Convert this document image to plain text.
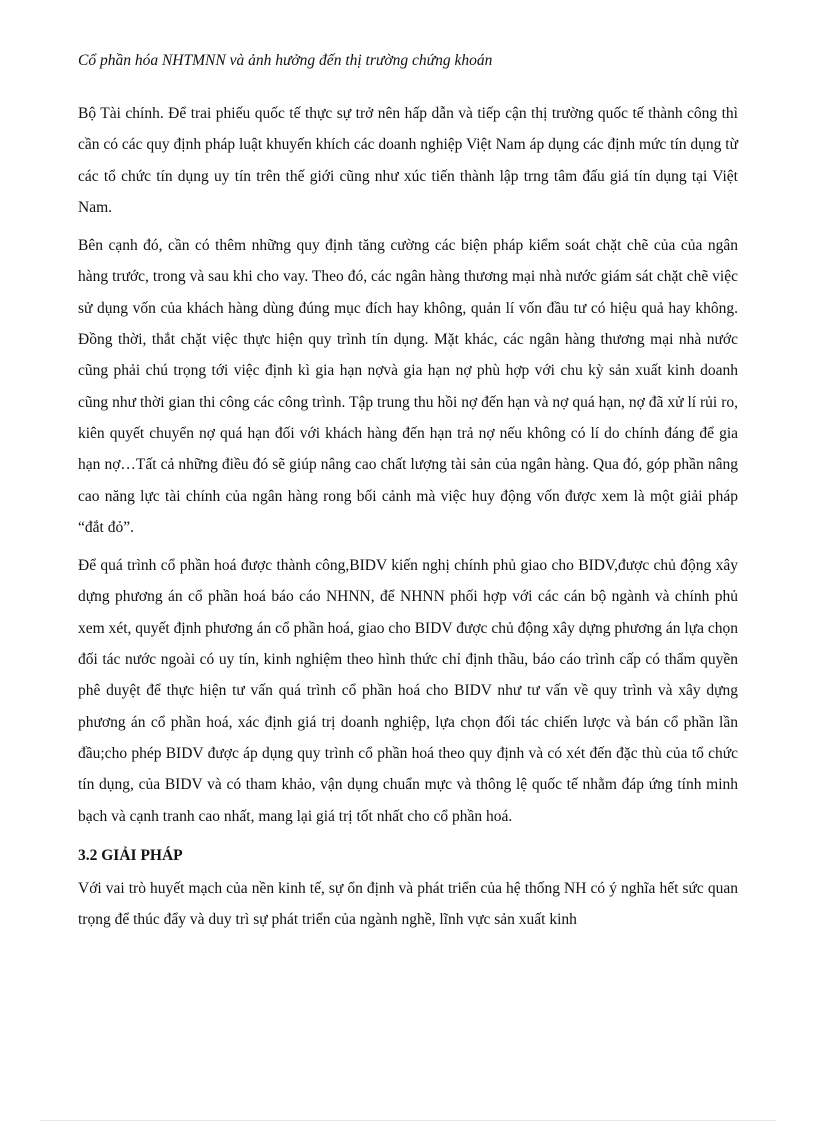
Cổ phần hóa NHTMNN và ảnh hưởng đến thị trường chứng khoán

Bộ Tài chính. Để trai phiếu quốc tế thực sự trở nên hấp dẫn và tiếp cận thị trường quốc tế thành công thì cần có các quy định pháp luật khuyến khích các doanh nghiệp Việt Nam áp dụng các định mức tín dụng từ các tổ chức tín dụng uy tín trên thế giới cũng như xúc tiến thành lập trng tâm đấu giá tín dụng tại Việt Nam.

Bên cạnh đó, cần có thêm những quy định tăng cường các biện pháp kiểm soát chặt chẽ của của ngân hàng trước, trong và sau khi cho vay. Theo đó, các ngân hàng thương mại nhà nước giám sát chặt chẽ việc sử dụng vốn của khách hàng dùng đúng mục đích hay không, quản lí vốn đầu tư có hiệu quả hay không. Đồng thời, thắt chặt việc thực hiện quy trình tín dụng. Mặt khác, các ngân hàng thương mại nhà nước cũng phải chú trọng tới việc định kì gia hạn nợvà gia hạn nợ phù hợp với chu kỳ sản xuất kinh doanh cũng như thời gian thi công các công trình. Tập trung thu hồi nợ đến hạn và nợ quá hạn, nợ đã xử lí rủi ro, kiên quyết chuyển nợ quá hạn đối với khách hàng đến hạn trả nợ nếu không có lí do chính đáng để gia hạn nợ…Tất cả những điều đó sẽ giúp nâng cao chất lượng tài sản của ngân hàng. Qua đó, góp phần nâng cao năng lực tài chính của ngân hàng rong bối cảnh mà việc huy động vốn được xem là một giải pháp “đắt đỏ”.

Để quá trình cổ phần hoá được thành công,BIDV kiến nghị chính phủ giao cho BIDV,được chủ động xây dựng phương án cổ phần hoá báo cáo NHNN, để NHNN phối hợp với các cán bộ ngành và chính phủ xem xét, quyết định phương án cổ phần hoá, giao cho BIDV được chủ động xây dựng phương án lựa chọn đối tác nước ngoài có uy tín, kinh nghiệm theo hình thức chỉ định thầu, báo cáo trình cấp có thẩm quyền phê duyệt để thực hiện tư vấn quá trình cổ phần hoá cho BIDV như tư vấn về quy trình và xây dựng phương án cổ phần hoá, xác định giá trị doanh nghiệp, lựa chọn đối tác chiến lược và bán cổ phần lần đầu;cho phép BIDV được áp dụng quy trình cổ phần hoá theo quy định và có xét đến đặc thù của tổ chức tín dụng, của BIDV và có tham khảo, vận dụng chuẩn mực và thông lệ quốc tế nhằm đáp ứng tính minh bạch và cạnh tranh cao nhất, mang lại giá trị tốt nhất cho cổ phần hoá.

3.2 GIẢI PHÁP

Với vai trò huyết mạch của nền kinh tế, sự ổn định và phát triển của hệ thống NH có ý nghĩa hết sức quan trọng để thúc đẩy và duy trì sự phát triển của ngành nghề, lĩnh vực sản xuất kinh
